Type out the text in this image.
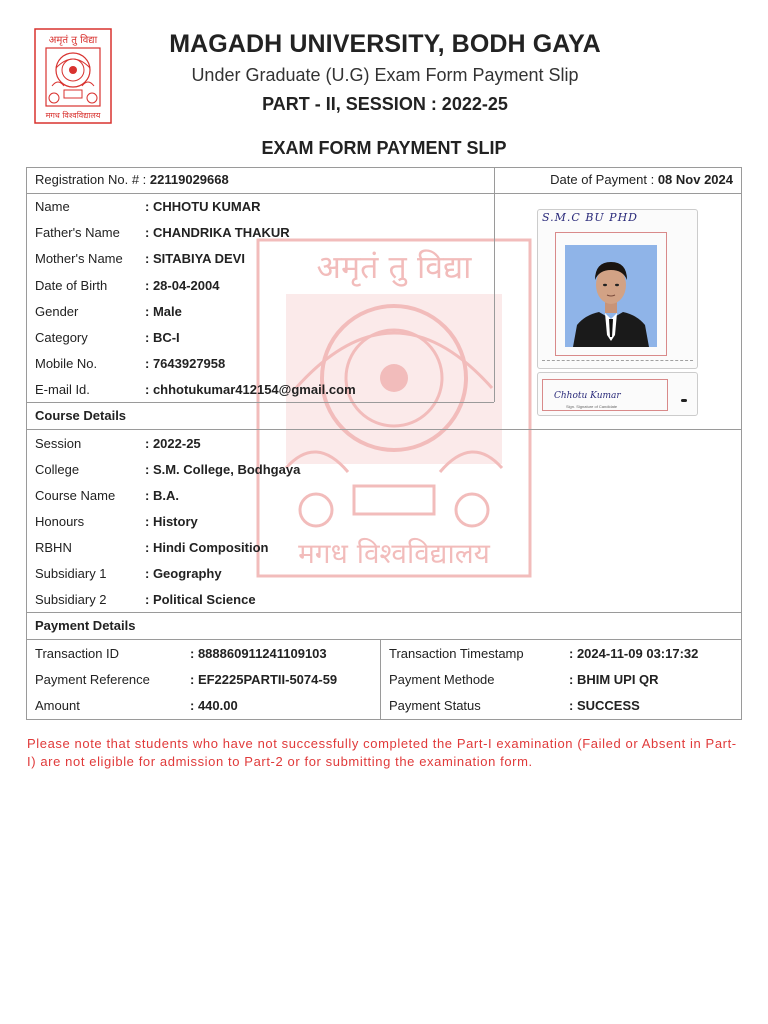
अमृतं तु विद्या
मगध विश्वविद्यालय
MAGADH UNIVERSITY, BODH GAYA
Under Graduate (U.G) Exam Form Payment Slip
PART - II, SESSION : 2022-25
EXAM FORM PAYMENT SLIP
अमृतं तु विद्या
मगध विश्वविद्यालय
Registration No. # : 22119029668	Date of Payment : 08 Nov 2024
Name	: CHHOTU KUMAR
Father's Name : CHANDRIKA THAKUR
Mother's Name : SITABIYA DEVI
Date of Birth	: 28-04-2004
Gender	: Male
Category	: BC-I
Mobile No.	: 7643927958
E-mail Id.	: chhotukumar412154@gmail.com
S.M.C BU PHD
Chhotu Kumar
Sign. Signature of Candidate
Course Details
Session	: 2022-25
College	: S.M. College, Bodhgaya
Course Name : B.A.
Honours	: History
RBHN	: Hindi Composition
Subsidiary 1	: Geography
Subsidiary 2	: Political Science
Payment Details
Transaction ID	: 888860911241109103
Payment Reference	: EF2225PARTII-5074-59
Amount	: 440.00
Transaction Timestamp	: 2024-11-09 03:17:32
Payment Methode	: BHIM UPI QR
Payment Status	: SUCCESS
Please note that students who have not successfully completed the Part-I examination (Failed or Absent in Part-I) are not eligible for admission to Part-2 or for submitting the examination form.
